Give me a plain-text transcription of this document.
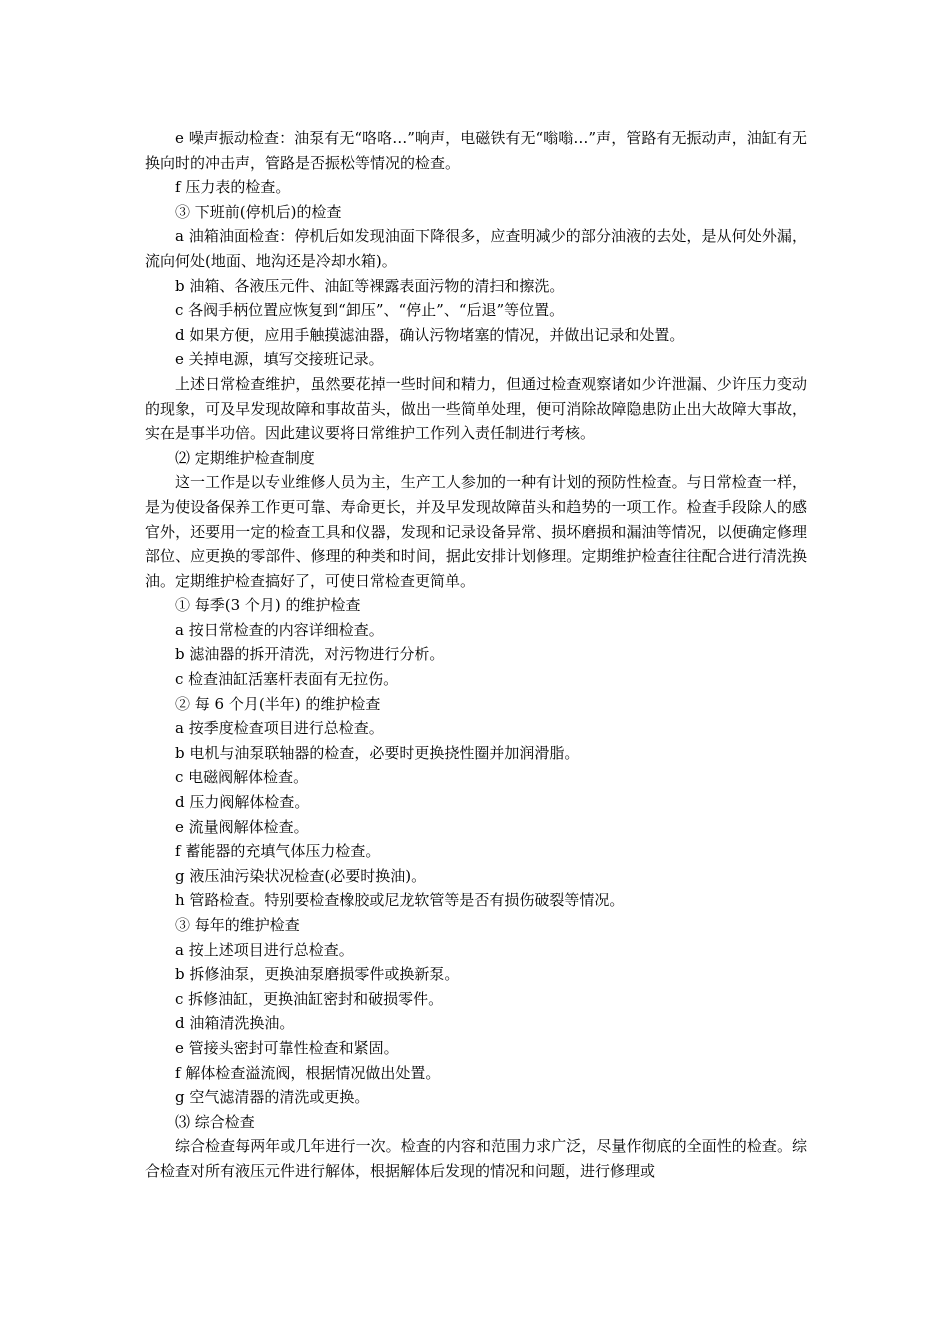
e 噪声振动检查：油泵有无“咯咯…”响声，电磁铁有无“嗡嗡…”声，管路有无振动声，油缸有无换向时的冲击声，管路是否振松等情况的检查。

f 压力表的检查。

③ 下班前(停机后)的检查

a 油箱油面检查：停机后如发现油面下降很多，应查明减少的部分油液的去处，是从何处外漏，流向何处(地面、地沟还是冷却水箱)。

b 油箱、各液压元件、油缸等裸露表面污物的清扫和擦洗。

c 各阀手柄位置应恢复到“卸压”、“停止”、“后退”等位置。

d 如果方便，应用手触摸滤油器，确认污物堵塞的情况，并做出记录和处置。

e 关掉电源，填写交接班记录。

上述日常检查维护，虽然要花掉一些时间和精力，但通过检查观察诸如少许泄漏、少许压力变动的现象，可及早发现故障和事故苗头，做出一些简单处理，便可消除故障隐患防止出大故障大事故，实在是事半功倍。因此建议要将日常维护工作列入责任制进行考核。

⑵ 定期维护检查制度

这一工作是以专业维修人员为主，生产工人参加的一种有计划的预防性检查。与日常检查一样，是为使设备保养工作更可靠、寿命更长，并及早发现故障苗头和趋势的一项工作。检查手段除人的感官外，还要用一定的检查工具和仪器，发现和记录设备异常、损坏磨损和漏油等情况，以便确定修理部位、应更换的零部件、修理的种类和时间，据此安排计划修理。定期维护检查往往配合进行清洗换油。定期维护检查搞好了，可使日常检查更简单。

① 每季(3 个月) 的维护检查

a 按日常检查的内容详细检查。

b 滤油器的拆开清洗，对污物进行分析。

c 检查油缸活塞杆表面有无拉伤。

② 每 6 个月(半年) 的维护检查

a 按季度检查项目进行总检查。

b 电机与油泵联轴器的检查，必要时更换挠性圈并加润滑脂。

c 电磁阀解体检查。

d 压力阀解体检查。

e 流量阀解体检查。

f 蓄能器的充填气体压力检查。

g 液压油污染状况检查(必要时换油)。

h 管路检查。特别要检查橡胶或尼龙软管等是否有损伤破裂等情况。

③ 每年的维护检查

a 按上述项目进行总检查。

b 拆修油泵，更换油泵磨损零件或换新泵。

c 拆修油缸，更换油缸密封和破损零件。

d 油箱清洗换油。

e 管接头密封可靠性检查和紧固。

f 解体检查溢流阀，根据情况做出处置。

g 空气滤清器的清洗或更换。

⑶ 综合检查

综合检查每两年或几年进行一次。检查的内容和范围力求广泛，尽量作彻底的全面性的检查。综合检查对所有液压元件进行解体，根据解体后发现的情况和问题，进行修理或
